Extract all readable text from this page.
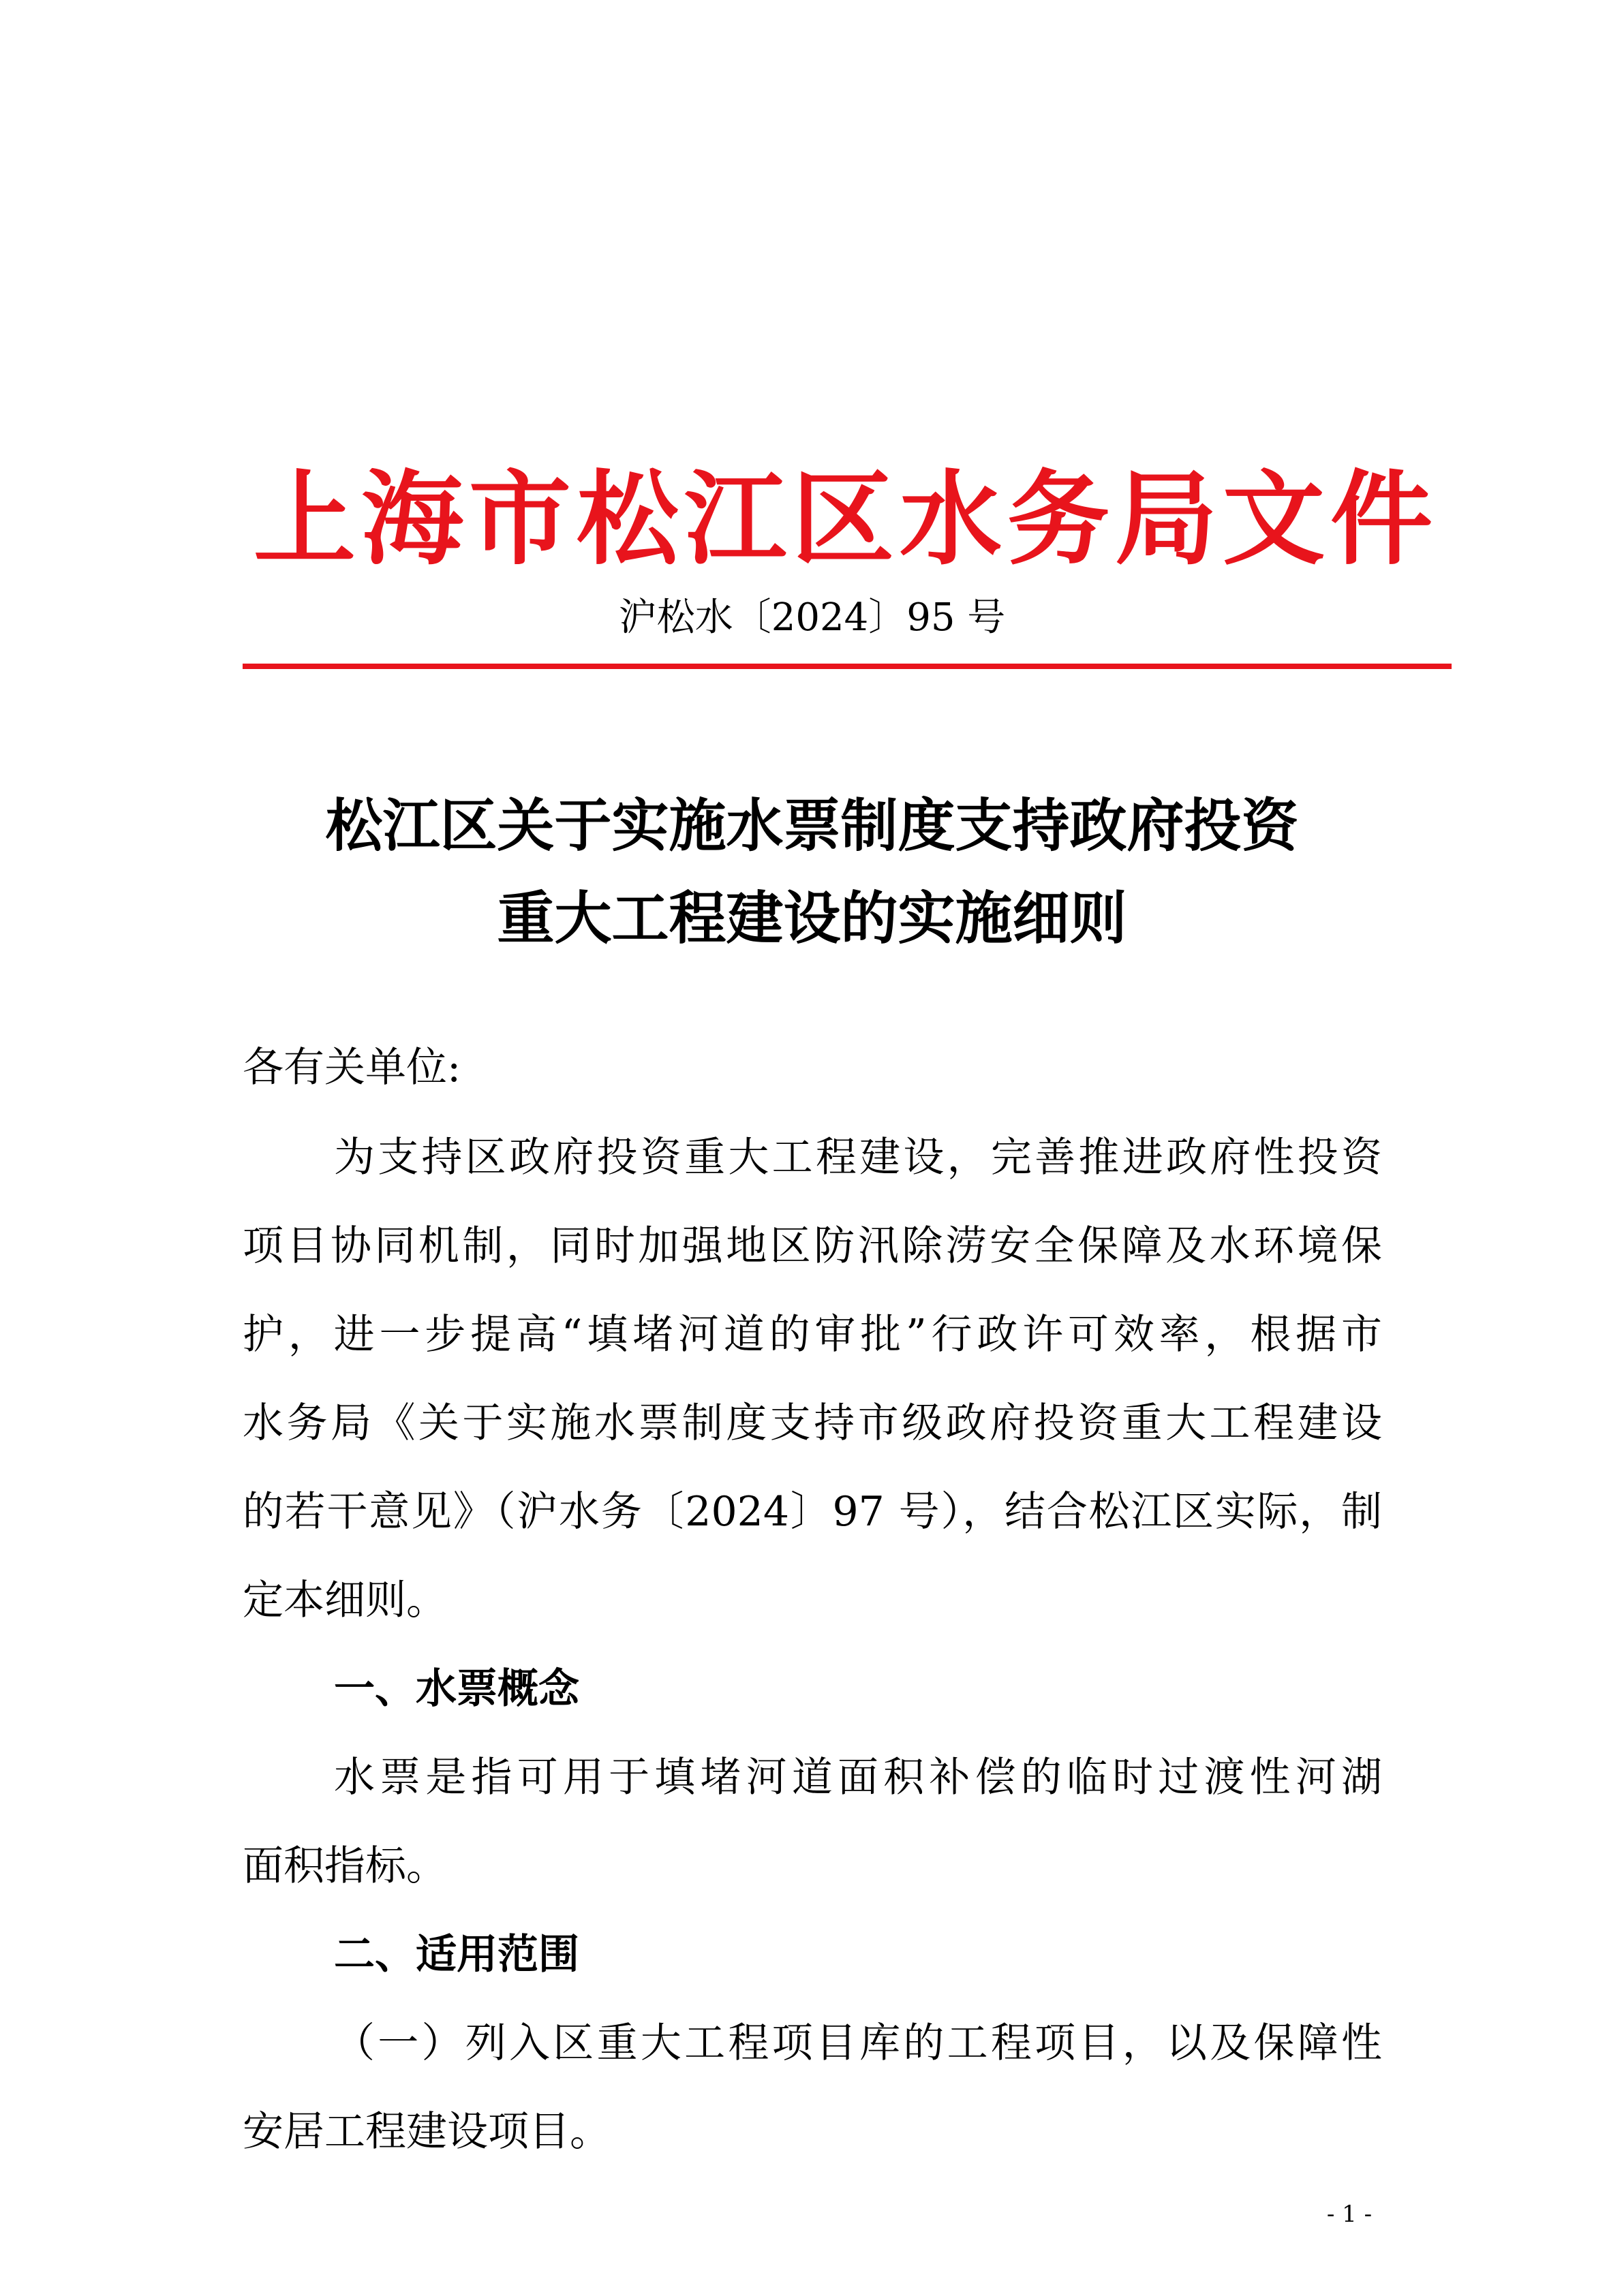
上海市松江区水务局文件
沪松水〔2024〕95 号
松江区关于实施水票制度支持政府投资
重大工程建设的实施细则
各有关单位:
为支持区政府投资重大工程建设，完善推进政府性投资
项目协同机制，同时加强地区防汛除涝安全保障及水环境保
护，进一步提高“填堵河道的审批”行政许可效率，根据市
水务局《关于实施水票制度支持市级政府投资重大工程建设
的若干意见》（沪水务〔2024〕97 号），结合松江区实际，制
定本细则。
一、水票概念
水票是指可用于填堵河道面积补偿的临时过渡性河湖
面积指标。
二、适用范围
（一）列入区重大工程项目库的工程项目，以及保障性
安居工程建设项目。
- 1 -
